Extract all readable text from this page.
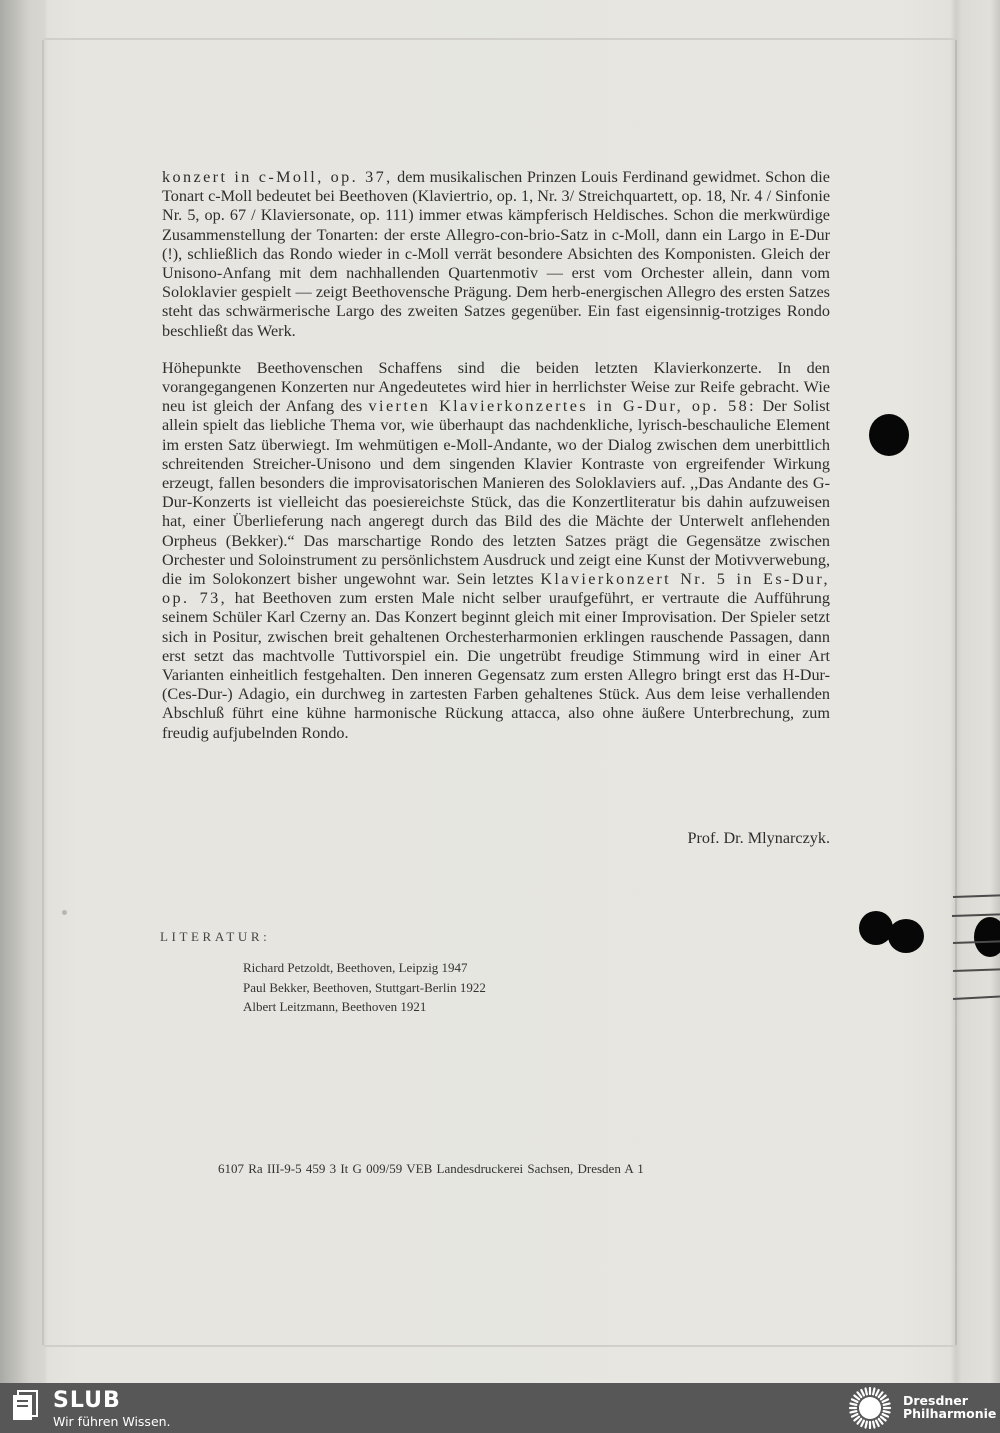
konzert in c-Moll, op. 37, dem musikalischen Prinzen Louis Ferdinand gewidmet. Schon die Tonart c-Moll bedeutet bei Beethoven (Klaviertrio, op. 1, Nr. 3/ Streichquartett, op. 18, Nr. 4 / Sinfonie Nr. 5, op. 67 / Klaviersonate, op. 111) immer etwas kämpferisch Heldisches. Schon die merkwürdige Zusammenstellung der Tonarten: der erste Allegro-con-brio-Satz in c-Moll, dann ein Largo in E-Dur (!), schließlich das Rondo wieder in c-Moll verrät besondere Absichten des Komponisten. Gleich der Unisono-Anfang mit dem nachhallenden Quartenmotiv — erst vom Orchester allein, dann vom Soloklavier gespielt — zeigt Beethovensche Prägung. Dem herb-energischen Allegro des ersten Satzes steht das schwärmerische Largo des zweiten Satzes gegenüber. Ein fast eigensinnig-trotziges Rondo beschließt das Werk.

Höhepunkte Beethovenschen Schaffens sind die beiden letzten Klavierkonzerte. In den vorangegangenen Konzerten nur Angedeutetes wird hier in herrlichster Weise zur Reife gebracht. Wie neu ist gleich der Anfang des vierten Klavierkonzertes in G-Dur, op. 58: Der Solist allein spielt das liebliche Thema vor, wie überhaupt das nachdenkliche, lyrisch-beschauliche Element im ersten Satz überwiegt. Im wehmütigen e-Moll-Andante, wo der Dialog zwischen dem unerbittlich schreitenden Streicher-Unisono und dem singenden Klavier Kontraste von ergreifender Wirkung erzeugt, fallen besonders die improvisatorischen Manieren des Soloklaviers auf. ,,Das Andante des G-Dur-Konzerts ist vielleicht das poesiereichste Stück, das die Konzertliteratur bis dahin aufzuweisen hat, einer Überlieferung nach angeregt durch das Bild des die Mächte der Unterwelt anflehenden Orpheus (Bekker).“ Das marschartige Rondo des letzten Satzes prägt die Gegensätze zwischen Orchester und Soloinstrument zu persönlichstem Ausdruck und zeigt eine Kunst der Motivverwebung, die im Solokonzert bisher ungewohnt war. Sein letztes Klavierkonzert Nr. 5 in Es-Dur, op. 73, hat Beethoven zum ersten Male nicht selber uraufgeführt, er vertraute die Aufführung seinem Schüler Karl Czerny an. Das Konzert beginnt gleich mit einer Improvisation. Der Spieler setzt sich in Positur, zwischen breit gehaltenen Orchesterharmonien erklingen rauschende Passagen, dann erst setzt das machtvolle Tuttivorspiel ein. Die ungetrübt freudige Stimmung wird in einer Art Varianten einheitlich festgehalten. Den inneren Gegensatz zum ersten Allegro bringt erst das H-Dur- (Ces-Dur-) Adagio, ein durchweg in zartesten Farben gehaltenes Stück. Aus dem leise verhallenden Abschluß führt eine kühne harmonische Rückung attacca, also ohne äußere Unterbrechung, zum freudig aufjubelnden Rondo.

Prof. Dr. Mlynarczyk.
LITERATUR:
Richard Petzoldt, Beethoven, Leipzig 1947
Paul Bekker, Beethoven, Stuttgart-Berlin 1922
Albert Leitzmann, Beethoven 1921
6107 Ra III-9-5 459 3 It G 009/59 VEB Landesdruckerei Sachsen, Dresden A 1
SLUB
Wir führen Wissen.
Dresdner
Philharmonie
